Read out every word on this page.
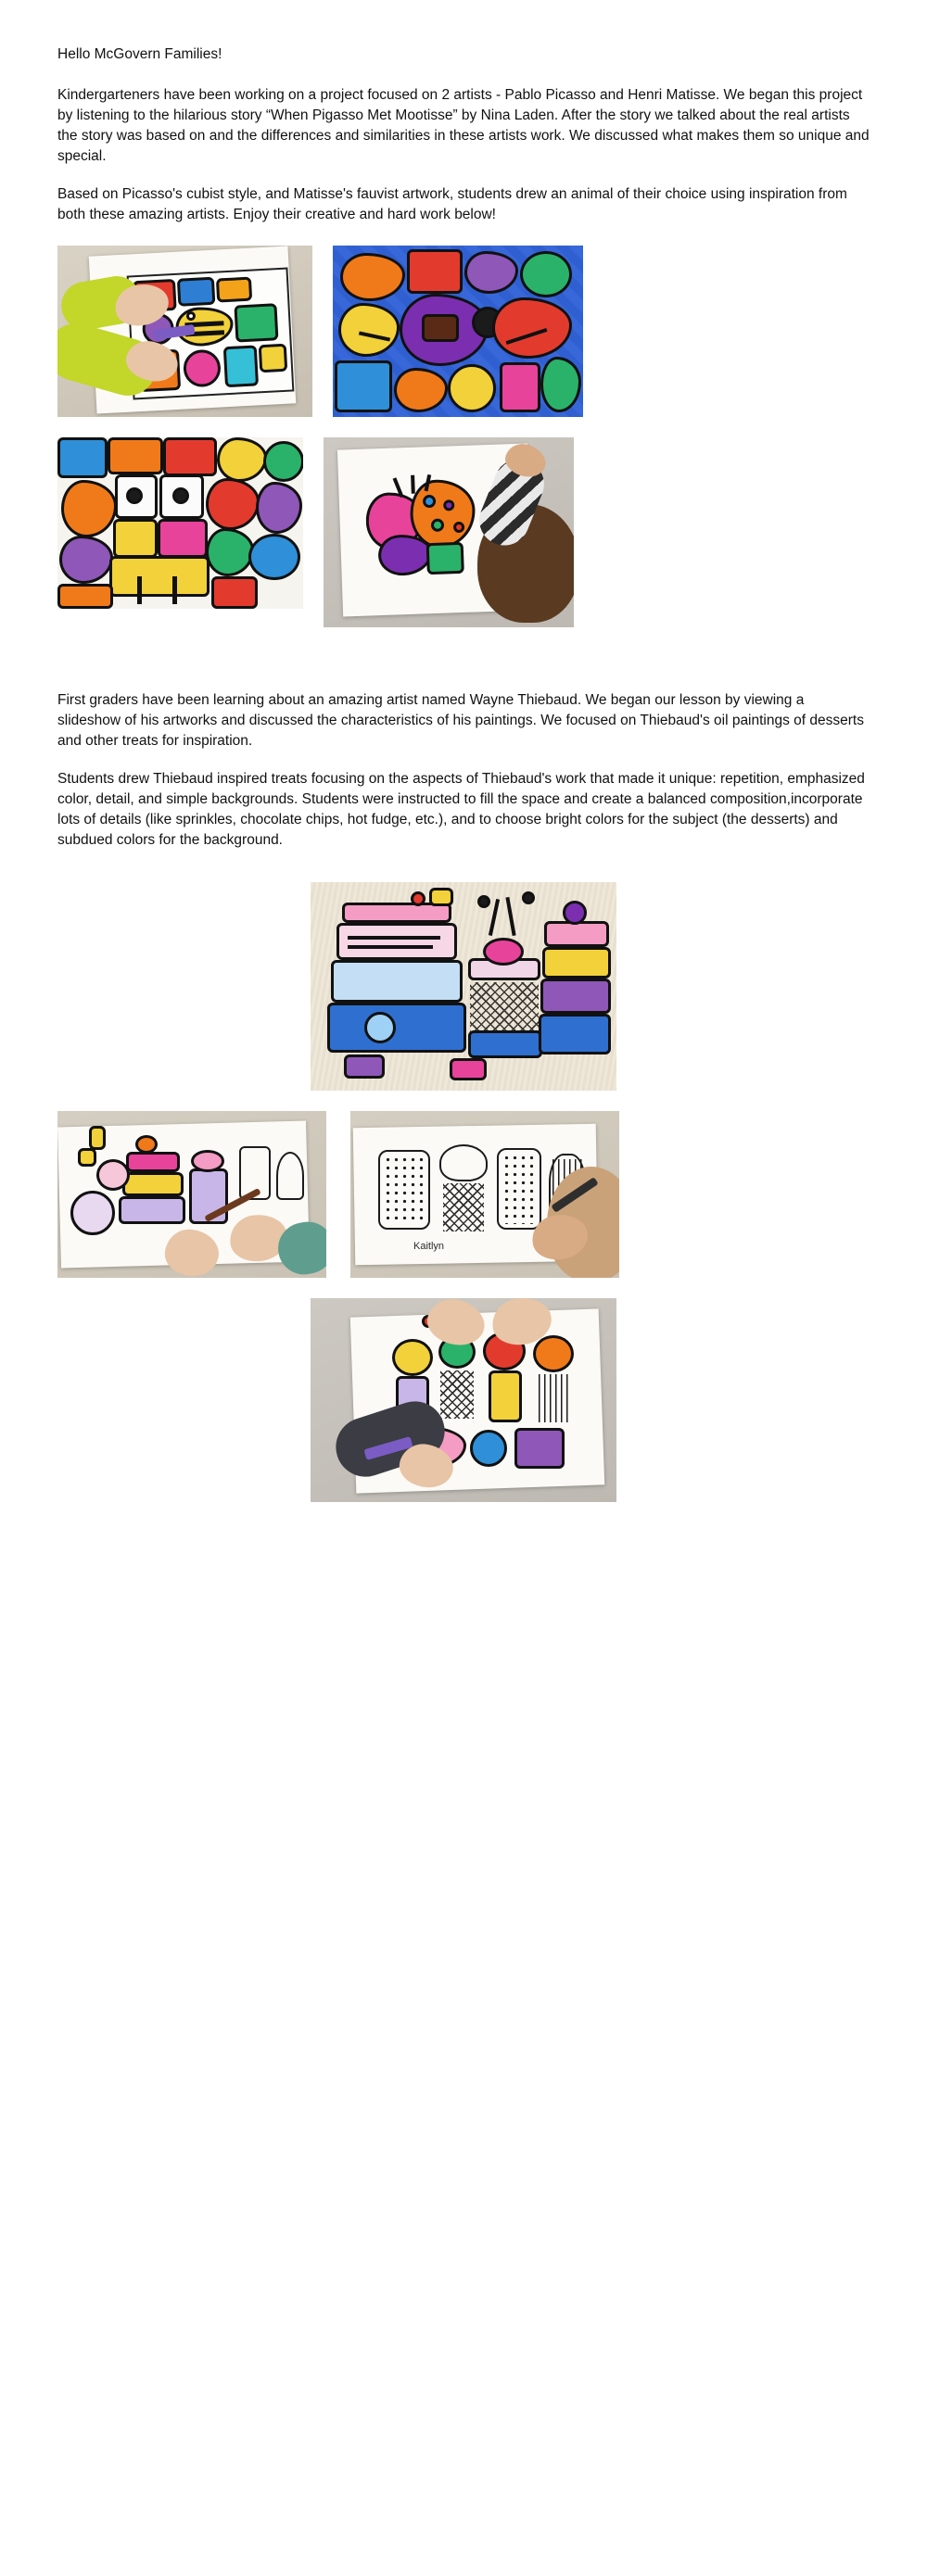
Hello McGovern Families!

Kindergarteners have been working on a project focused on 2 artists - Pablo Picasso and Henri Matisse. We began this project by listening to the hilarious story “When Pigasso Met Mootisse” by Nina Laden. After the story we talked about the real artists the story was based on and the differences and similarities in these artists work. We discussed what makes them so unique and special.

Based on Picasso's cubist style, and Matisse's fauvist artwork, students drew an animal of their choice using inspiration from both these amazing artists. Enjoy their creative and hard work below!

First graders have been learning about an amazing artist named Wayne Thiebaud. We began our lesson by viewing a slideshow of his artworks and discussed the characteristics of his paintings. We focused on Thiebaud's oil paintings of desserts and other treats for inspiration.

Students drew Thiebaud inspired treats focusing on the aspects of Thiebaud's work that made it unique: repetition, emphasized color, detail, and simple backgrounds. Students were instructed to fill the space and create a balanced composition,incorporate lots of details (like sprinkles, chocolate chips, hot fudge, etc.), and to choose bright colors for the subject (the desserts) and subdued colors for the background.

Kaitlyn
